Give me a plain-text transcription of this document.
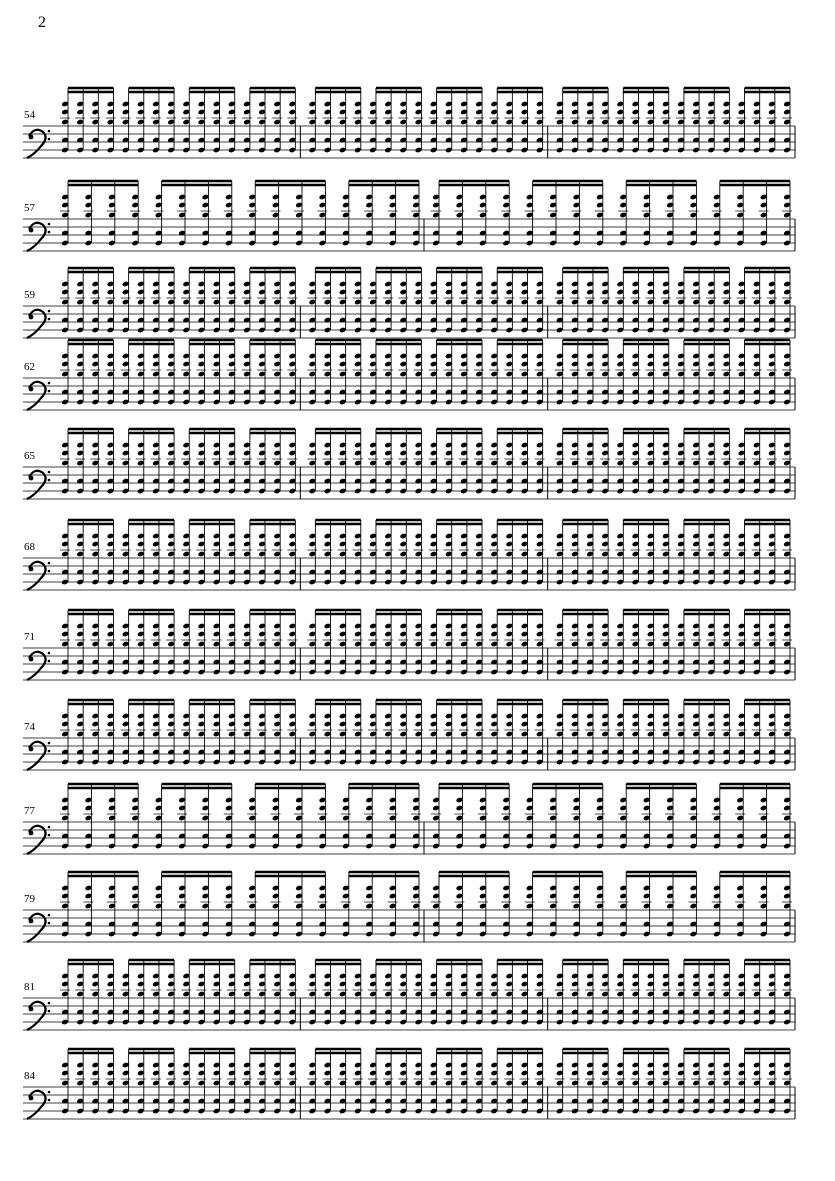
2
54
57
59
62
65
68
71
74
77
79
81
84
